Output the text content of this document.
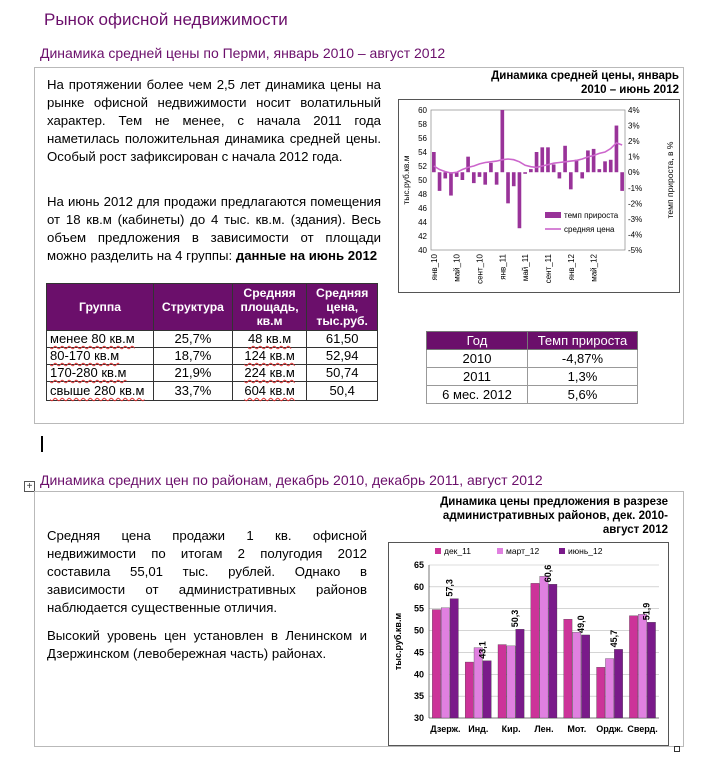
Рынок офисной недвижимости
Динамика средней цены по Перми, январь 2010 – август 2012
На протяжении более чем 2,5 лет динамика цены на рынке офисной недвижимости носит волатильный характер. Тем не менее, с начала 2011 года наметилась положительная динамика средней цены. Особый рост зафиксирован с начала 2012 года.
На июнь 2012 для продажи предлагаются помещения от 18 кв.м (кабинеты) до 4 тыс. кв.м. (здания). Весь объем предложения в зависимости от площади можно разделить на 4 группы: данные на июнь 2012
Группа	Структура	Средняя площадь, кв.м	Средняя цена, тыс.руб.
менее 80 кв.м	25,7%	48 кв.м	61,50
80-170 кв.м	18,7%	124 кв.м	52,94
170-280 кв.м	21,9%	224 кв.м	50,74
свыше 280 кв.м	33,7%	604 кв.м	50,4
Динамика средней цены, январь 2010 – июнь 2012
40
42
44
46
48
50
52
54
56
58
60
-5%
-4%
-3%
-2%
-1%
0%
1%
2%
3%
4%
тыс.руб.кв.м	темп прироста, в %
янв_10 май_10 сент_10 янв_11 май_11 сент_11 янв_12 май_12
темп прироста
средняя цена
Год	Темп прироста
2010	-4,87%
2011	1,3%
6 мес. 2012	5,6%
+ Динамика средних цен по районам, декабрь 2010, декабрь 2011, август 2012
Средняя цена продажи 1 кв. офисной недвижимости по итогам 2 полугодия 2012 составила 55,01 тыс. рублей. Однако в зависимости от административных районов наблюдается существенные отличия.
Высокий уровень цен установлен в Ленинском и Дзержинском (левобережная часть) районах.
Динамика цены предложения в разрезе административных районов, дек. 2010-август 2012
30
35
40
45
50
55
60
65
тыс.руб.кв.м
57,3
Дзерж.
43,1
Инд.
50,3
Кир.
60,6
Лен.
49,0
Мот.
45,7
Ордж.
51,9
Сверд.
дек_11	март_12	июнь_12
